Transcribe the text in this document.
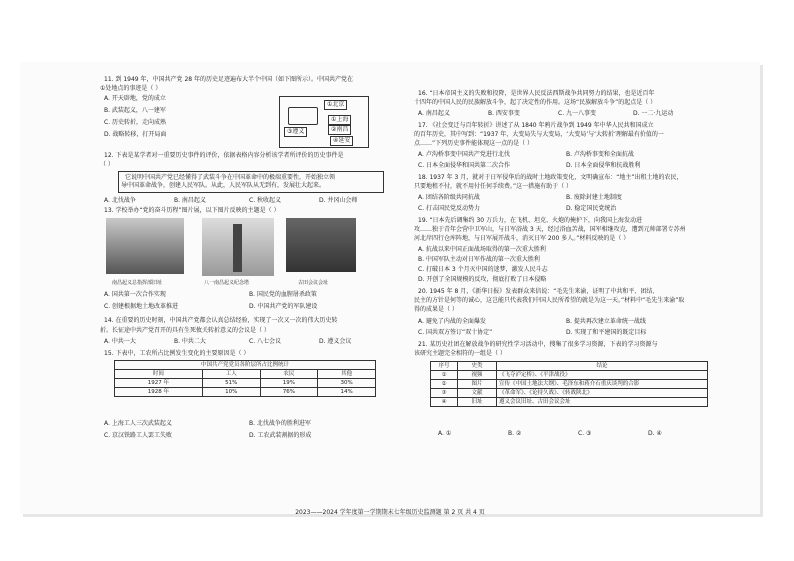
11. 到 1949 年，中国共产党 28 年的历史足迹遍布大半个中国（如下图所示）。中国共产党在
①处地点的事迹是（ ）
A. 开天辟地，党的成立
B. 武装起义，八一建军
C. 历史转折，走向成熟
D. 战略转移，打开局面
①北京
①上海
②南昌
③遵义
④延安
12. 下表是某学者对一重要历史事件的评价，依据表格内容分析该学者所评价的历史事件是
（ ）
它说明中国共产党已经懂得了武装斗争在中国革命中的极端重要性，开始独立领
导中国革命战争，创建人民军队。从此，人民军队从无到有，发展壮大起来。
A. 北伐战争	B. 南昌起义	C. 秋收起义	D. 井冈山会师
13. 学校举办“党的奋斗历程”图片展，以下图片反映的主题是（ ）
南昌起义总指挥部旧址	八一南昌起义纪念塔	古田会议会址
A. 国共第一次合作实现	B. 国民党的血腥屠杀政策
C. 创建根据地土地改革推进	D. 中国共产党的军队建设
14. 在重要的历史时刻，中国共产党都会认真总结经验，实现了一次又一次的伟大历史转
折。长征途中共产党召开的具有生死攸关转折意义的会议是（ ）
A. 中共一大	B. 中共二大	C. 八七会议	D. 遵义会议
15. 下表中，工农所占比例发生变化的主要原因是（ ）
中国共产党党员各阶层所占比例统计			
时间	工人	农民	其他
1927 年	51%	19%	30%
1928 年	10%	76%	14%
A. 上海工人三次武装起义	B. 北伐战争的胜利进军
C. 京汉铁路工人罢工失败	D. 工农武装割据的形成
16. “日本帝国主义的失败和投降，是世界人民反法西斯战争共同努力的结果，也是近百年
十四年的中国人民的民族解放斗争，起了决定性的作用。这场“民族解放斗争”的起点是（ ）
A. 南昌起义	B. 西安事变	C. 九一八事变	D. 一二·九运动
17. 《社会变迁与百年转折》讲述了从 1840 年鸦片战争到 1949 年中华人民共和国成立
的百年历史，其中写到：“1937 年，大变局失与大变局，‘大变局’与‘大转折’理解最有价值的一
点……”下列历史事件能体现这一点的是（ ）
A. 卢沟桥事变中国共产党进行北伐	B. 卢沟桥事变和全面抗战
C. 日本全面侵华和国共第二次合作	D. 日本全面侵华和抗战胜利
18. 1937 年 3 月，就对于日军侵华后的战时土地政策变化，文明确宣布：“地主”出租土地的农民，
只要地租不付，就不用付任何手续费。”这一措施有助于（ ）
A. 团结各阶级共同抗战	B. 废除封建土地制度
C. 打击国民党反动势力	D. 稳定国民党统治
19. “日本先后调集约 30 万兵力，在飞机、坦克、火炮的掩护下，向我国上海发动进
攻……独于青年会营中卫军山，与日军浴战 3 天，经过浴血苦战，国军相继攻克，遭到元帅部署专苏州
河北岸四行仓库阵地，与日军展开战斗，消灭日军 200 多人。”材料反映的是（ ）
A. 抗战以来中国正面战场取得的第一次重大胜利
B. 中国军队主动对日军作战的第一次重大胜利
C. 打破日本 3 个月灭中国的迷梦，激发人民斗志
D. 开创了全国规模的反攻，彻底打败了日本侵略
20. 1945 年 8 月，《新华日报》发表群众来信说：“毛先生来渝，证明了中共和平、团结、
民主的方针是何等的诚心，这岂能只代表我们中国人民所希望的就是为这一天。”材料中“毛先生来渝”取
得的成果是（ ）
A. 避免了内战的全面爆发	B. 提共再次建立革命统一战线
C. 国共双方签订“双十协定”	D. 实现了和平建国的既定目标
21. 某历史社团在解放战争的研究性学习活动中，搜集了很多学习资源，下表的学习资源与
该研究主题完全相符的一组是（ ）
序号	史类	结论
①	视频	《飞夺泸定桥》、《平津战役》
②	图片	宣传《中国土地法大纲》、毛泽东和蒋介石重庆谈判的合影
③	文献	《革命军》、《论持久战》、《转战陕北》
④	旧址	遵义会议旧址、古田会议会址
A. ①	B. ②	C. ③	D. ④
2023——2024 学年度第一学期期末七年级历史监测题 第 2 页 共 4 页
